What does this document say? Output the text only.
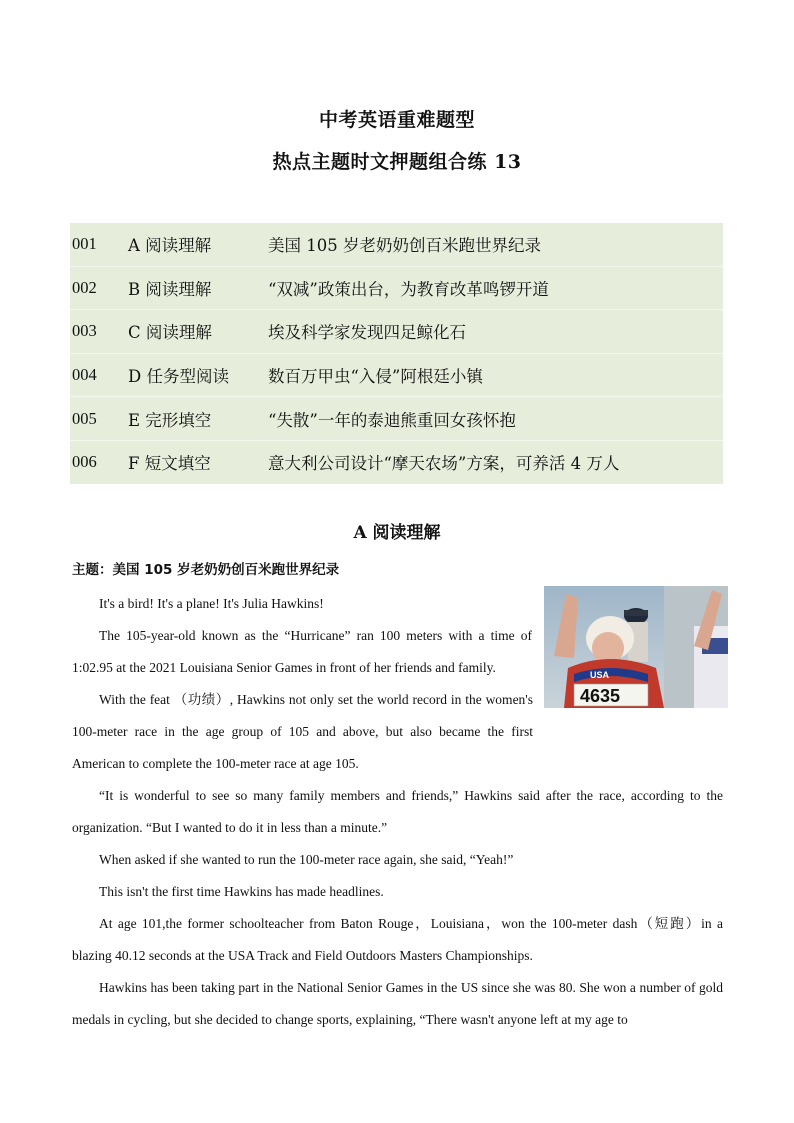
中考英语重难题型
热点主题时文押题组合练 13
001	A 阅读理解	美国 105 岁老奶奶创百米跑世界纪录
002	B 阅读理解	“双减”政策出台，为教育改革鸣锣开道
003	C 阅读理解	埃及科学家发现四足鲸化石
004	D 任务型阅读	数百万甲虫“入侵”阿根廷小镇
005	E 完形填空	“失散”一年的泰迪熊重回女孩怀抱
006	F 短文填空	意大利公司设计“摩天农场”方案，可养活 4 万人
A 阅读理解
主题：美国 105 岁老奶奶创百米跑世界纪录
USA
4635

It's a bird! It's a plane! It's Julia Hawkins!

The 105-year-old known as the “Hurricane” ran 100 meters with a time of 1:02.95 at the 2021 Louisiana Senior Games in front of her friends and family.

With the feat （功绩）, Hawkins not only set the world record in the women's 100-meter race in the age group of 105 and above, but also became the first American to complete the 100-meter race at age 105.

“It is wonderful to see so many family members and friends,” Hawkins said after the race, according to the organization. “But I wanted to do it in less than a minute.”

When asked if she wanted to run the 100-meter race again, she said, “Yeah!”

This isn't the first time Hawkins has made headlines.

At age 101,the former schoolteacher from Baton Rouge，Louisiana，won the 100-meter dash（短跑）in a blazing 40.12 seconds at the USA Track and Field Outdoors Masters Championships.

Hawkins has been taking part in the National Senior Games in the US since she was 80. She won a number of gold medals in cycling, but she decided to change sports, explaining, “There wasn't anyone left at my age to
